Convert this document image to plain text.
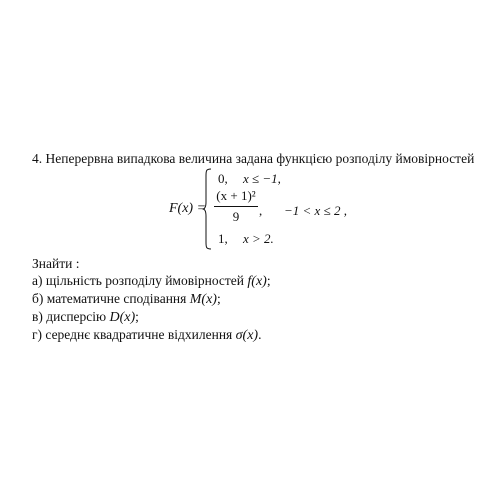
4. Неперервна випадкова величина задана функцією розподілу ймовірностей
F(x) =
0, x ≤ −1,
(x + 1)²
9	, −1 < x ≤ 2 ,
1, x > 2.
Знайти :
а) щільність розподілу ймовірностей f(x);
б) математичне сподівання M(x);
в) дисперсію D(x);
г) середнє квадратичне відхилення σ(x).
